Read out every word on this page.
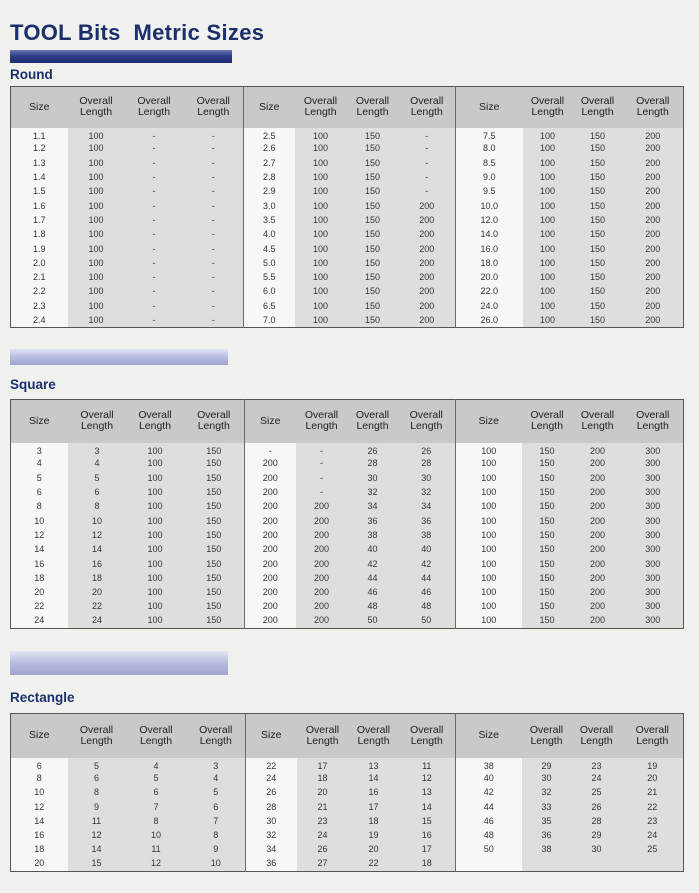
TOOL Bits  Metric Sizes
Round
Size	Overall Length	Overall Length	Overall Length	Size	Overall Length	Overall Length	Overall Length	Size	Overall Length	Overall Length	Overall Length
1.1	100	-	-	2.5	100	150	-	7.5	100	150	200
1.2	100	-	-	2.6	100	150	-	8.0	100	150	200
1.3	100	-	-	2.7	100	150	-	8.5	100	150	200
1.4	100	-	-	2.8	100	150	-	9.0	100	150	200
1.5	100	-	-	2.9	100	150	-	9.5	100	150	200
1.6	100	-	-	3.0	100	150	200	10.0	100	150	200
1.7	100	-	-	3.5	100	150	200	12.0	100	150	200
1.8	100	-	-	4.0	100	150	200	14.0	100	150	200
1.9	100	-	-	4.5	100	150	200	16.0	100	150	200
2.0	100	-	-	5.0	100	150	200	18.0	100	150	200
2.1	100	-	-	5.5	100	150	200	20.0	100	150	200
2.2	100	-	-	6.0	100	150	200	22.0	100	150	200
2.3	100	-	-	6.5	100	150	200	24.0	100	150	200
2.4	100	-	-	7.0	100	150	200	26.0	100	150	200
Square
Size	Overall Length	Overall Length	Overall Length	Size	Overall Length	Overall Length	Overall Length	Size	Overall Length	Overall Length	Overall Length
3	3	100	150	-	-	26	26	100	150	200	300
4	4	100	150	200	-	28	28	100	150	200	300
5	5	100	150	200	-	30	30	100	150	200	300
6	6	100	150	200	-	32	32	100	150	200	300
8	8	100	150	200	200	34	34	100	150	200	300
10	10	100	150	200	200	36	36	100	150	200	300
12	12	100	150	200	200	38	38	100	150	200	300
14	14	100	150	200	200	40	40	100	150	200	300
16	16	100	150	200	200	42	42	100	150	200	300
18	18	100	150	200	200	44	44	100	150	200	300
20	20	100	150	200	200	46	46	100	150	200	300
22	22	100	150	200	200	48	48	100	150	200	300
24	24	100	150	200	200	50	50	100	150	200	300
Rectangle
Size	Overall Length	Overall Length	Overall Length	Size	Overall Length	Overall Length	Overall Length	Size	Overall Length	Overall Length	Overall Length
6	5	4	3	22	17	13	11	38	29	23	19
8	6	5	4	24	18	14	12	40	30	24	20
10	8	6	5	26	20	16	13	42	32	25	21
12	9	7	6	28	21	17	14	44	33	26	22
14	11	8	7	30	23	18	15	46	35	28	23
16	12	10	8	32	24	19	16	48	36	29	24
18	14	11	9	34	26	20	17	50	38	30	25
20	15	12	10	36	27	22	18				
